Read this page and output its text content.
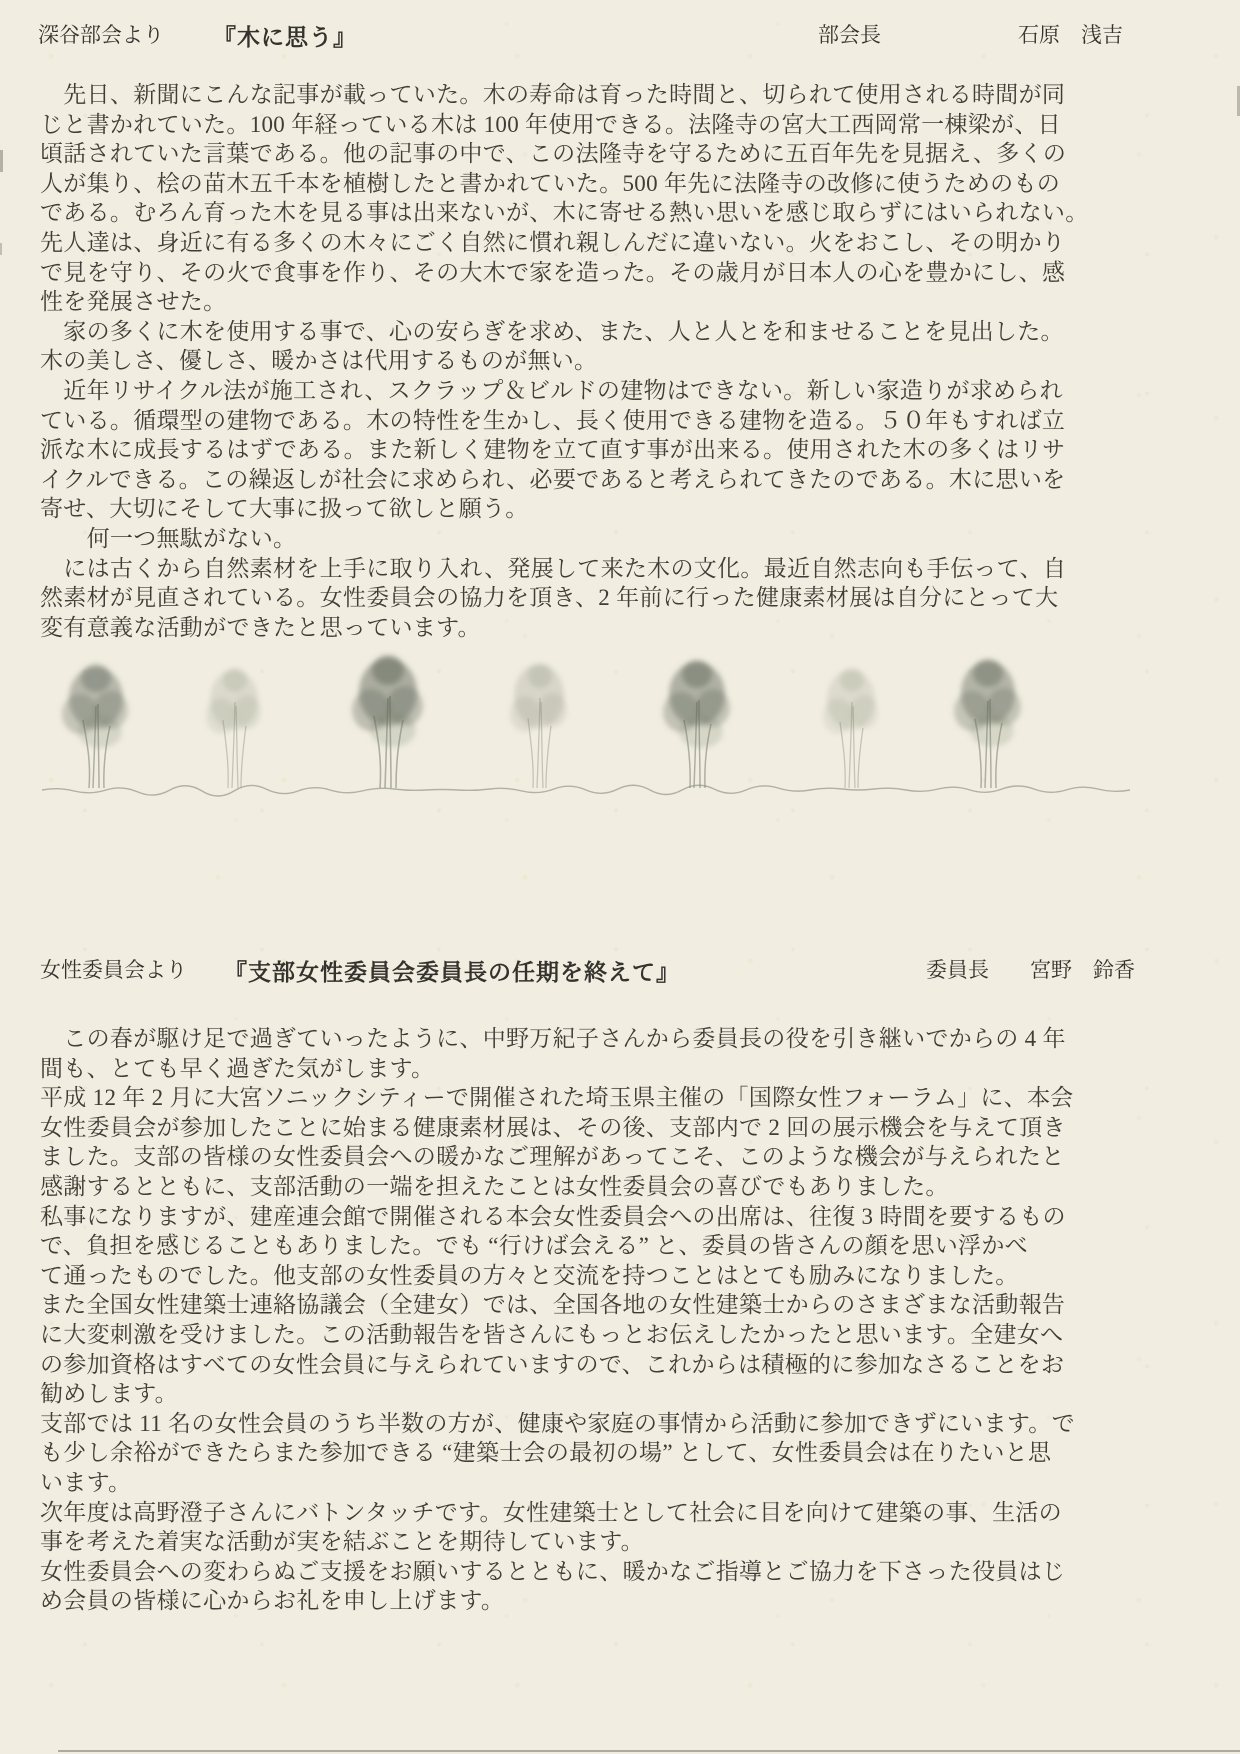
深谷部会より 『木に思う』	部会長	石原　浅吉
　先日、新聞にこんな記事が載っていた。木の寿命は育った時間と、切られて使用される時間が同
じと書かれていた。100 年経っている木は 100 年使用できる。法隆寺の宮大工西岡常一棟梁が、日
頃話されていた言葉である。他の記事の中で、この法隆寺を守るために五百年先を見据え、多くの
人が集り、桧の苗木五千本を植樹したと書かれていた。500 年先に法隆寺の改修に使うためのもの
である。むろん育った木を見る事は出来ないが、木に寄せる熱い思いを感じ取らずにはいられない。
先人達は、身近に有る多くの木々にごく自然に慣れ親しんだに違いない。火をおこし、その明かり
で見を守り、その火で食事を作り、その大木で家を造った。その歳月が日本人の心を豊かにし、感
性を発展させた。
　家の多くに木を使用する事で、心の安らぎを求め、また、人と人とを和ませることを見出した。
木の美しさ、優しさ、暖かさは代用するものが無い。
　近年リサイクル法が施工され、スクラップ＆ビルドの建物はできない。新しい家造りが求められ
ている。循環型の建物である。木の特性を生かし、長く使用できる建物を造る。５０年もすれば立
派な木に成長するはずである。また新しく建物を立て直す事が出来る。使用された木の多くはリサ
イクルできる。この繰返しが社会に求められ、必要であると考えられてきたのである。木に思いを
寄せ、大切にそして大事に扱って欲しと願う。
　　何一つ無駄がない。
　には古くから自然素材を上手に取り入れ、発展して来た木の文化。最近自然志向も手伝って、自
然素材が見直されている。女性委員会の協力を頂き、2 年前に行った健康素材展は自分にとって大
変有意義な活動ができたと思っています。
女性委員会より 『支部女性委員会委員長の任期を終えて』	委員長 宮野　鈴香
　この春が駆け足で過ぎていったように、中野万紀子さんから委員長の役を引き継いでからの 4 年
間も、とても早く過ぎた気がします。
平成 12 年 2 月に大宮ソニックシティーで開催された埼玉県主催の「国際女性フォーラム」に、本会
女性委員会が参加したことに始まる健康素材展は、その後、支部内で 2 回の展示機会を与えて頂き
ました。支部の皆様の女性委員会への暖かなご理解があってこそ、このような機会が与えられたと
感謝するとともに、支部活動の一端を担えたことは女性委員会の喜びでもありました。
私事になりますが、建産連会館で開催される本会女性委員会への出席は、往復 3 時間を要するもの
で、負担を感じることもありました。でも “行けば会える” と、委員の皆さんの顔を思い浮かべ
て通ったものでした。他支部の女性委員の方々と交流を持つことはとても励みになりました。
また全国女性建築士連絡協議会（全建女）では、全国各地の女性建築士からのさまざまな活動報告
に大変刺激を受けました。この活動報告を皆さんにもっとお伝えしたかったと思います。全建女へ
の参加資格はすべての女性会員に与えられていますので、これからは積極的に参加なさることをお
勧めします。
支部では 11 名の女性会員のうち半数の方が、健康や家庭の事情から活動に参加できずにいます。で
も少し余裕ができたらまた参加できる “建築士会の最初の場” として、女性委員会は在りたいと思
います。
次年度は高野澄子さんにバトンタッチです。女性建築士として社会に目を向けて建築の事、生活の
事を考えた着実な活動が実を結ぶことを期待しています。
女性委員会への変わらぬご支援をお願いするとともに、暖かなご指導とご協力を下さった役員はじ
め会員の皆様に心からお礼を申し上げます。
